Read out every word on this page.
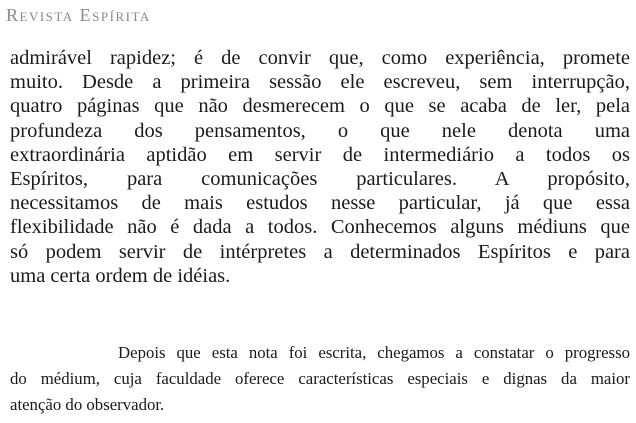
Revista Espírita
admirável rapidez; é de convir que, como experiência, promete
muito. Desde a primeira sessão ele escreveu, sem interrupção,
quatro páginas que não desmerecem o que se acaba de ler, pela
profundeza dos pensamentos, o que nele denota uma
extraordinária aptidão em servir de intermediário a todos os
Espíritos, para comunicações particulares. A propósito,
necessitamos de mais estudos nesse particular, já que essa
flexibilidade não é dada a todos. Conhecemos alguns médiuns que
só podem servir de intérpretes a determinados Espíritos e para
uma certa ordem de idéias.
Depois que esta nota foi escrita, chegamos a constatar o progresso
do médium, cuja faculdade oferece características especiais e dignas da maior
atenção do observador.
